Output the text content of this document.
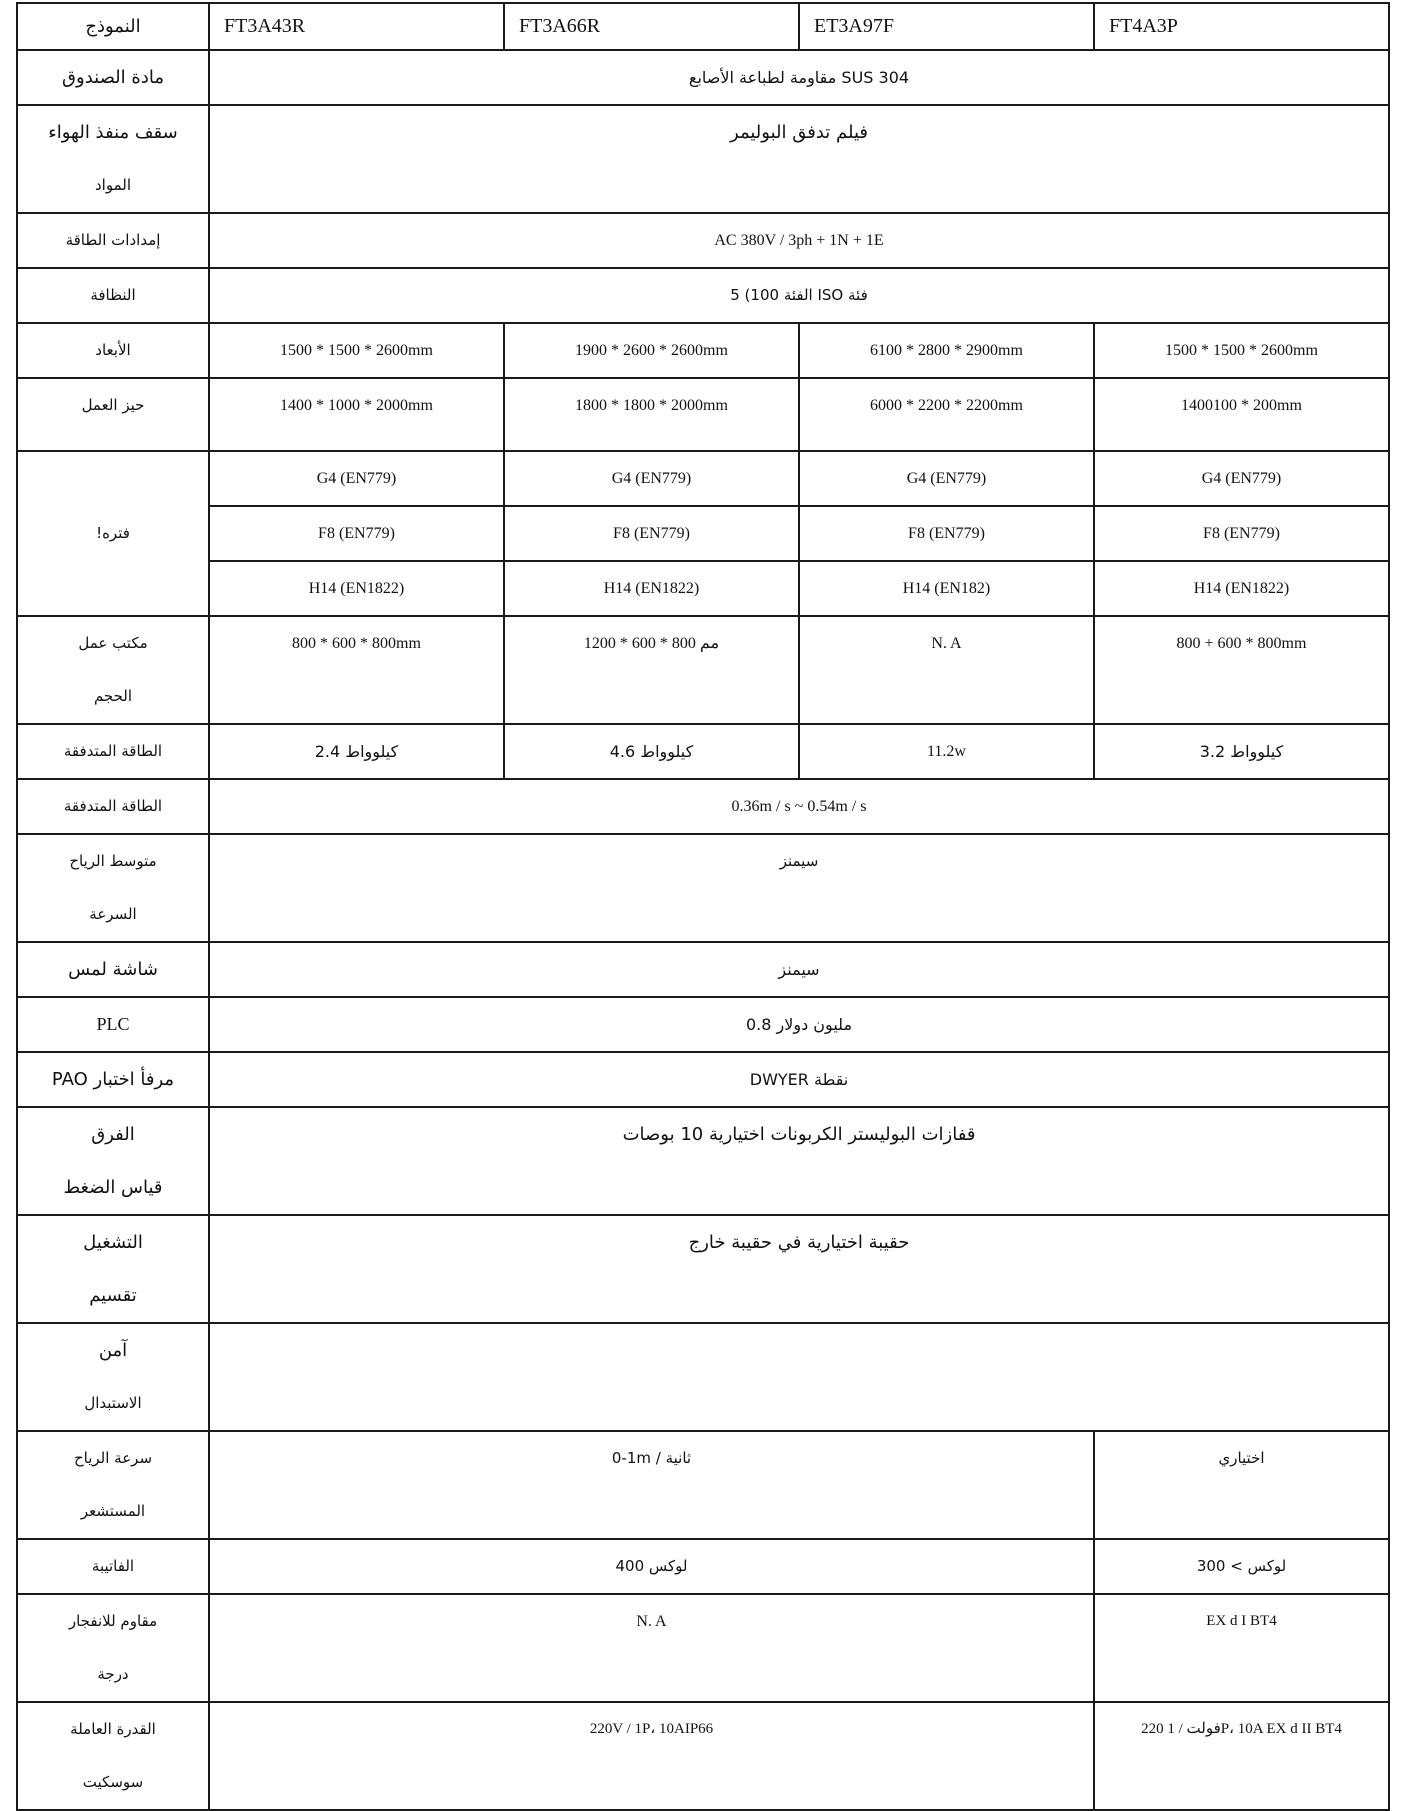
النموذج	FT3A43R	FT3A66R	ET3A97F	FT4A3P

مادة الصندوق	مقاومة لطباعة الأصابع SUS 304			

سقف منفذ الهواء
المواد	فيلم تدفق البوليمر			

إمدادات الطاقة	AC 380V / 3ph + 1N + 1E			

النظافة	الفئة 100) 5 ISO فئة			

الأبعاد	1500 * 1500 * 2600mm	1900 * 2600 * 2600mm	6100 * 2800 * 2900mm	1500 * 1500 * 2600mm

حيز العمل	1400 * 1000 * 2000mm	1800 * 1800 * 2000mm	6000 * 2200 * 2200mm	1400100 * 200mm

!فتره	G4 (EN779)	G4 (EN779)	G4 (EN779)	G4 (EN779)

	F8 (EN779)	F8 (EN779)	F8 (EN779)	F8 (EN779)

	H14 (EN1822)	H14 (EN1822)	H14 (EN182)	H14 (EN1822)

مكتب عمل
الحجم	800 * 600 * 800mm	1200 * 600 * 800 مم	N. A	800 + 600 * 800mm

الطاقة المتدفقة	2.4 كيلوواط	4.6 كيلوواط	11.2w	3.2 كيلوواط

الطاقة المتدفقة	0.36m / s ~ 0.54m / s			

متوسط الرياح
السرعة	سيمنز			

شاشة لمس	سيمنز			

PLC	مليون دولار 0.8			

PAO مرفأ اختبار	DWYER نقطة			

الفرق
قياس الضغط	قفازات البوليستر الكربونات اختيارية 10 بوصات			

التشغيل
تقسيم	حقيبة اختيارية في حقيبة خارج			

آمن
الاستبدال				

سرعة الرياح
المستشعر	0-1m / ثانية			اختياري

الفاتيبة	400 لوكس			300 < لوكس

مقاوم للانفجار
درجة	N. A			EX d I BT4

القدرة العاملة
سوسكيت	220V / 1P، 10AIP66			220 1 / فولتP، 10A EX d II BT4
